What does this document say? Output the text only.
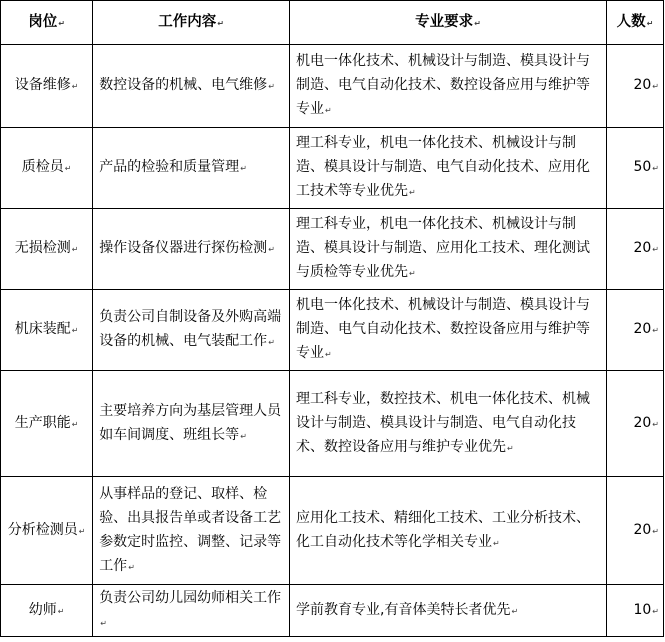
岗位↵	工作内容↵	专业要求↵	人数↵
设备维修↵	数控设备的机械、电气维修↵	机电一体化技术、机械设计与制造、模具设计与制造、电气自动化技术、数控设备应用与维护等专业↵	20↵
质检员↵	产品的检验和质量管理↵	理工科专业，机电一体化技术、机械设计与制造、模具设计与制造、电气自动化技术、应用化工技术等专业优先↵	50↵
无损检测↵	操作设备仪器进行探伤检测↵	理工科专业，机电一体化技术、机械设计与制造、模具设计与制造、应用化工技术、理化测试与质检等专业优先↵	20↵
机床装配↵	负责公司自制设备及外购高端设备的机械、电气装配工作↵	机电一体化技术、机械设计与制造、模具设计与制造、电气自动化技术、数控设备应用与维护等专业↵	20↵
生产职能↵	主要培养方向为基层管理人员如车间调度、班组长等↵	理工科专业，数控技术、机电一体化技术、机械设计与制造、模具设计与制造、电气自动化技术、数控设备应用与维护专业优先↵	20↵
分析检测员↵	从事样品的登记、取样、检验、出具报告单或者设备工艺参数定时监控、调整、记录等工作↵	应用化工技术、精细化工技术、工业分析技术、化工自动化技术等化学相关专业↵	20↵
幼师↵	负责公司幼儿园幼师相关工作↵	学前教育专业,有音体美特长者优先↵	10↵
